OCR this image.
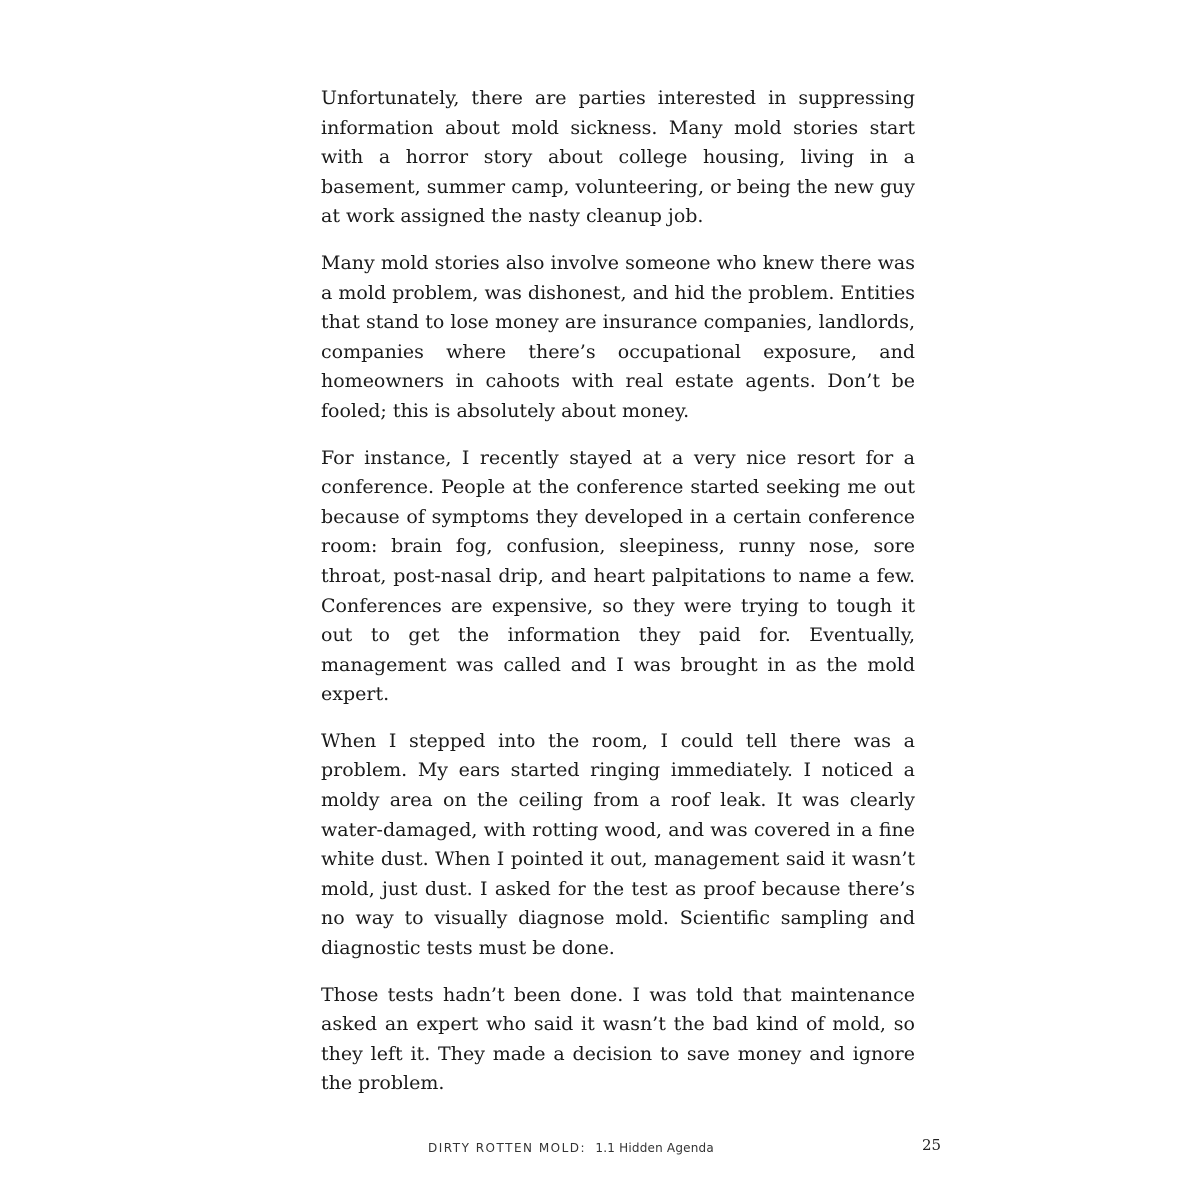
Unfortunately, there are parties interested in suppressing information about mold sickness. Many mold stories start with a horror story about college housing, living in a basement, summer camp, volunteering, or being the new guy at work assigned the nasty cleanup job.

Many mold stories also involve someone who knew there was a mold problem, was dishonest, and hid the problem. Entities that stand to lose money are insurance companies, landlords, companies where there’s occupational exposure, and homeowners in cahoots with real estate agents. Don’t be fooled; this is absolutely about money.

For instance, I recently stayed at a very nice resort for a conference. People at the conference started seeking me out because of symptoms they developed in a certain conference room: brain fog, confusion, sleepiness, runny nose, sore throat, post-nasal drip, and heart palpitations to name a few. Conferences are expensive, so they were trying to tough it out to get the information they paid for. Eventually, management was called and I was brought in as the mold expert.

When I stepped into the room, I could tell there was a problem. My ears started ringing immediately. I noticed a moldy area on the ceiling from a roof leak. It was clearly water-damaged, with rotting wood, and was covered in a fine white dust. When I pointed it out, management said it wasn’t mold, just dust. I asked for the test as proof because there’s no way to visually diagnose mold. Scientific sampling and diagnostic tests must be done.

Those tests hadn’t been done. I was told that maintenance asked an expert who said it wasn’t the bad kind of mold, so they left it. They made a decision to save money and ignore the problem.

DIRTY ROTTEN MOLD: 1.1 Hidden Agenda	25
